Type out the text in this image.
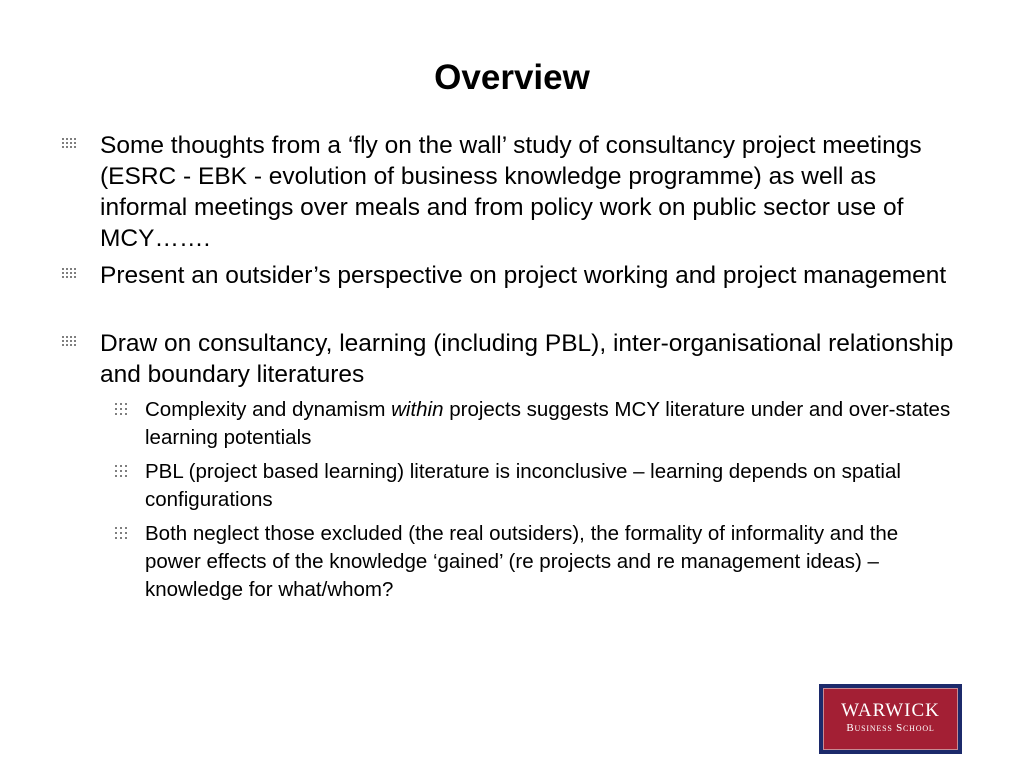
Overview
Some thoughts from a ‘fly on the wall’ study of consultancy project meetings (ESRC - EBK - evolution of business knowledge programme) as well as informal meetings over meals and from policy work on public sector use of MCY…….
Present an outsider’s perspective on project working and project management
Draw on consultancy, learning (including PBL), inter-organisational relationship and boundary literatures
Complexity and dynamism within projects suggests MCY literature under and over-states learning potentials
PBL (project based learning) literature is inconclusive – learning depends on spatial configurations
Both neglect those excluded (the real outsiders), the formality of informality and the power effects of the knowledge ‘gained’ (re projects and re management ideas) – knowledge for what/whom?
WARWICK
Business School
